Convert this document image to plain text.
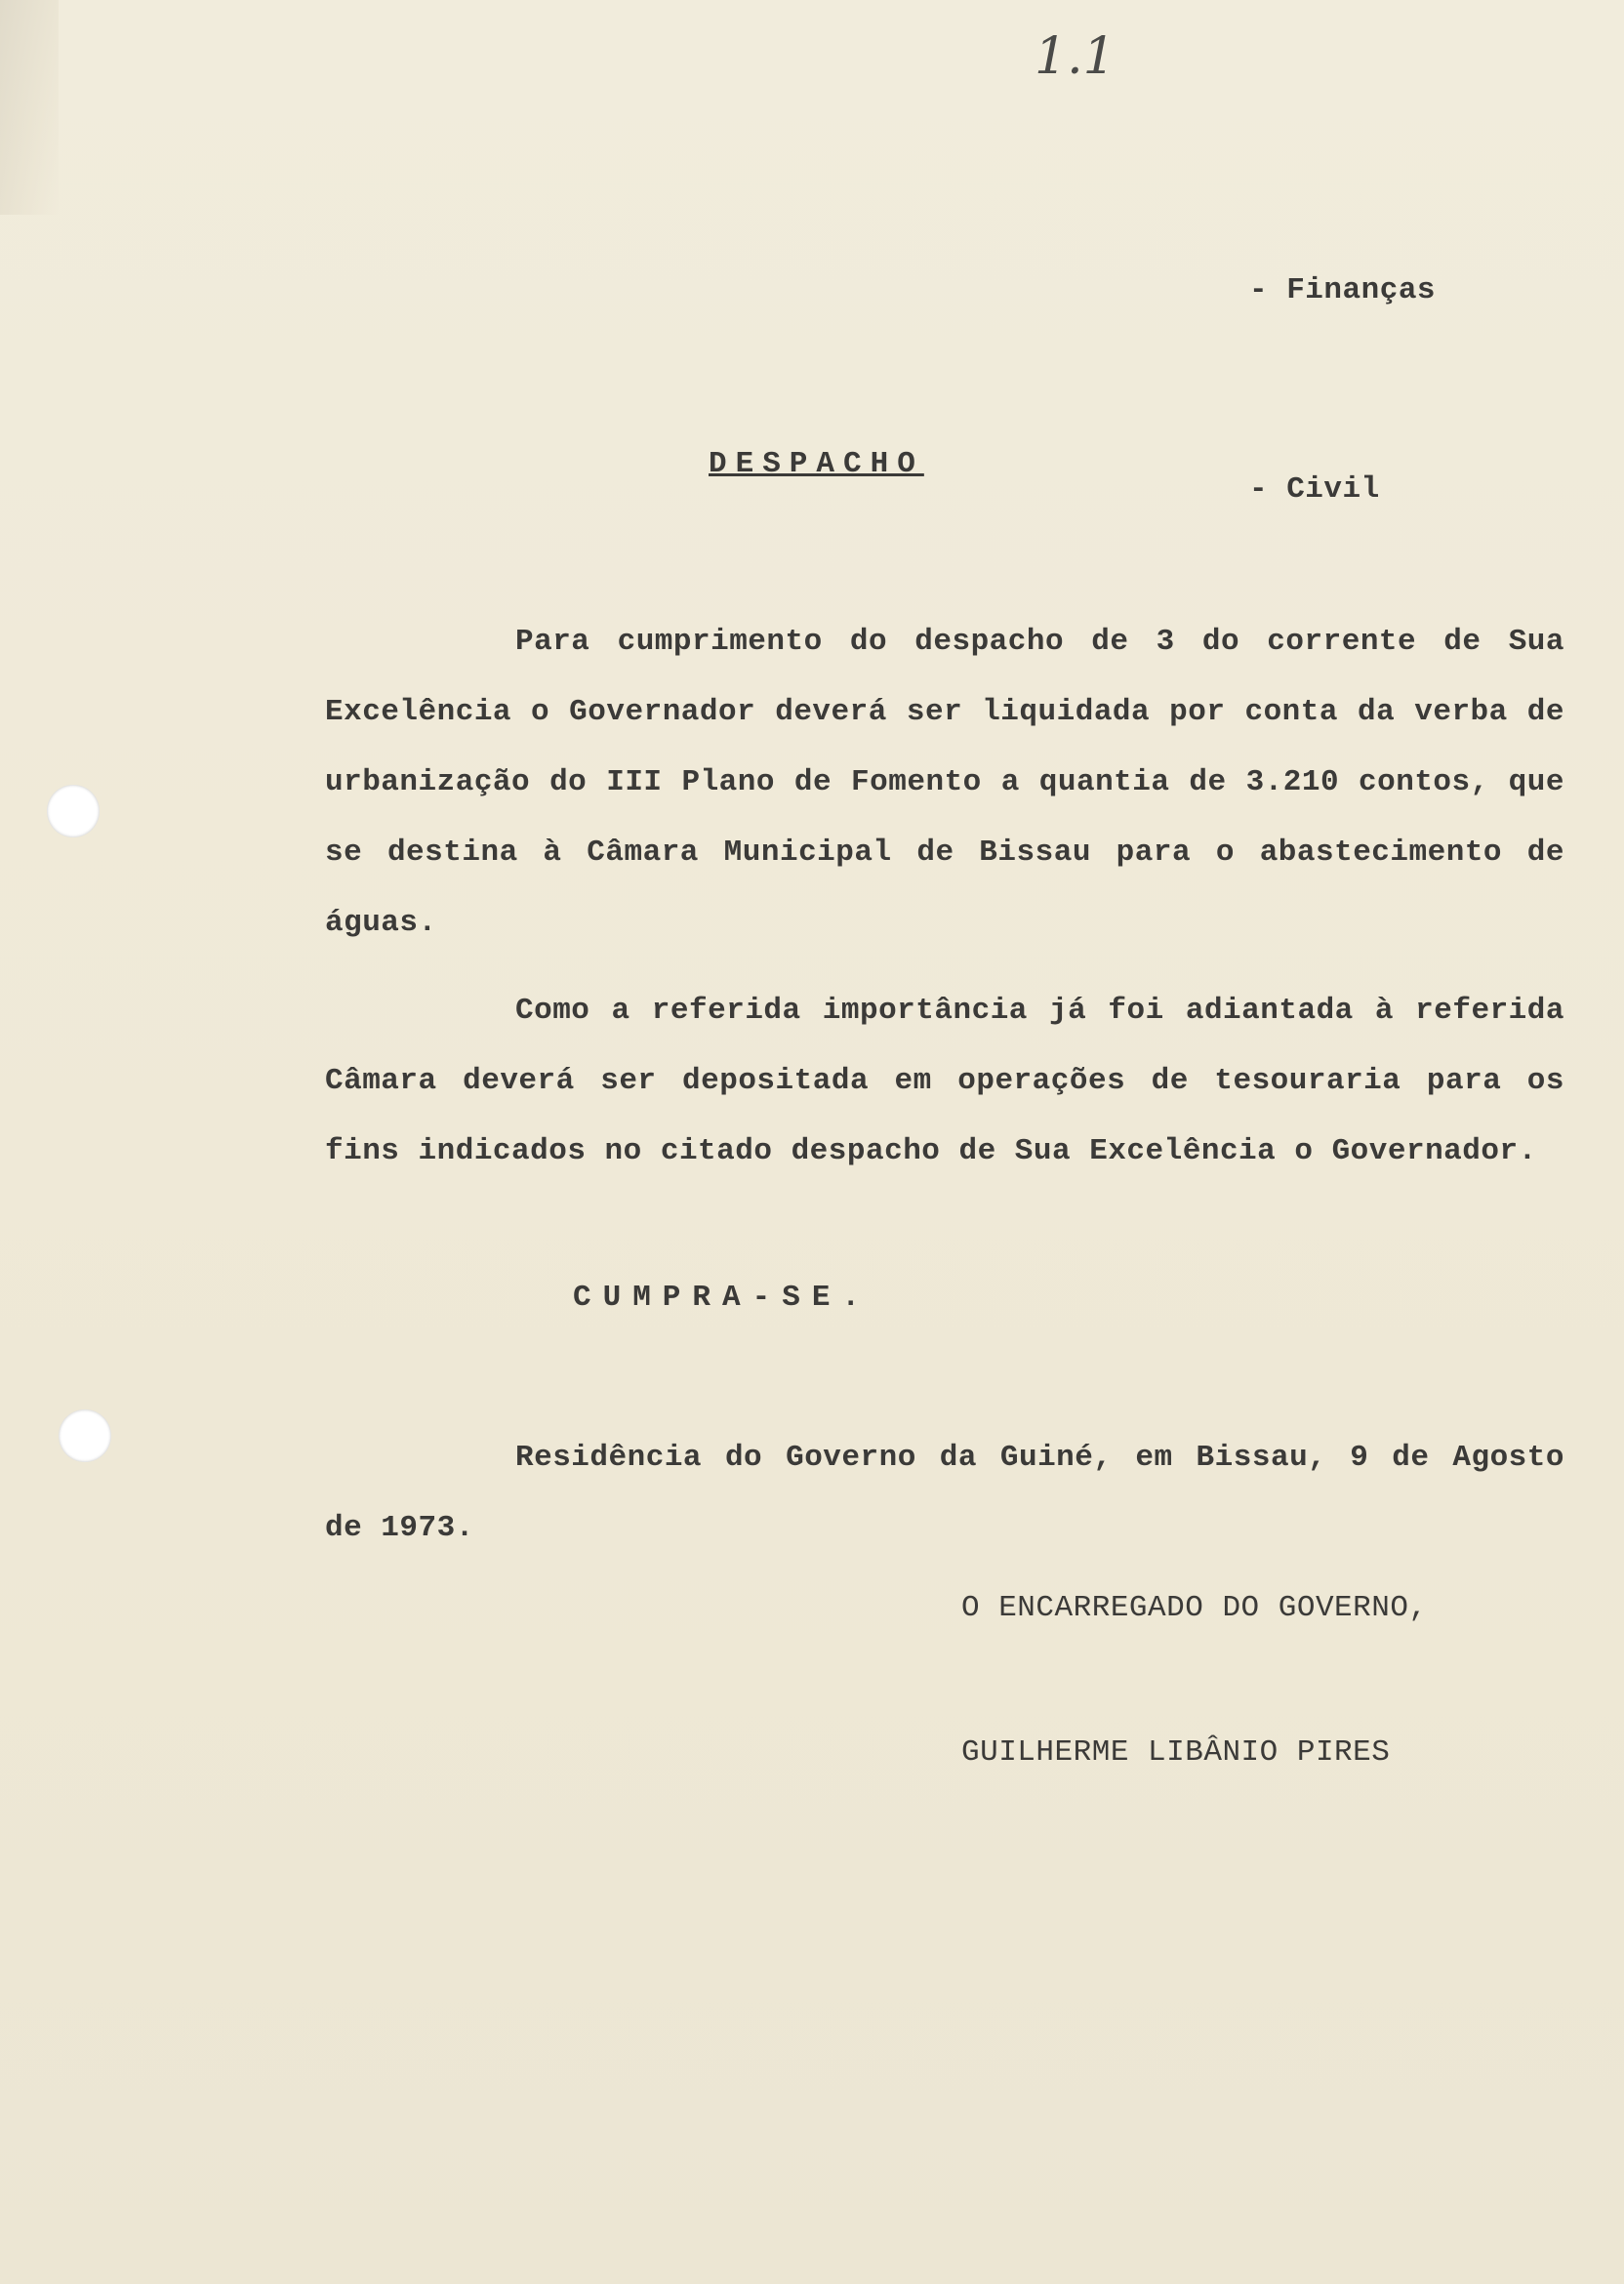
1.1

- Finanças

- Civil

DESPACHO
Para cumprimento do despacho de 3 do corrente de Sua Excelência o Governador deverá ser liquidada por conta da verba de urbanização do III Plano de Fomento a quantia de 3.210 contos, que se destina à Câmara Municipal de Bissau para o abastecimento de águas.
Como a referida importância já foi adiantada à referida Câmara deverá ser depositada em operações de tesouraria para os fins indicados no citado despacho de Sua Excelência o Governador.
CUMPRA-SE.
Residência do Governo da Guiné, em Bissau, 9 de Agosto de 1973.
O ENCARREGADO DO GOVERNO,
GUILHERME LIBÂNIO PIRES
